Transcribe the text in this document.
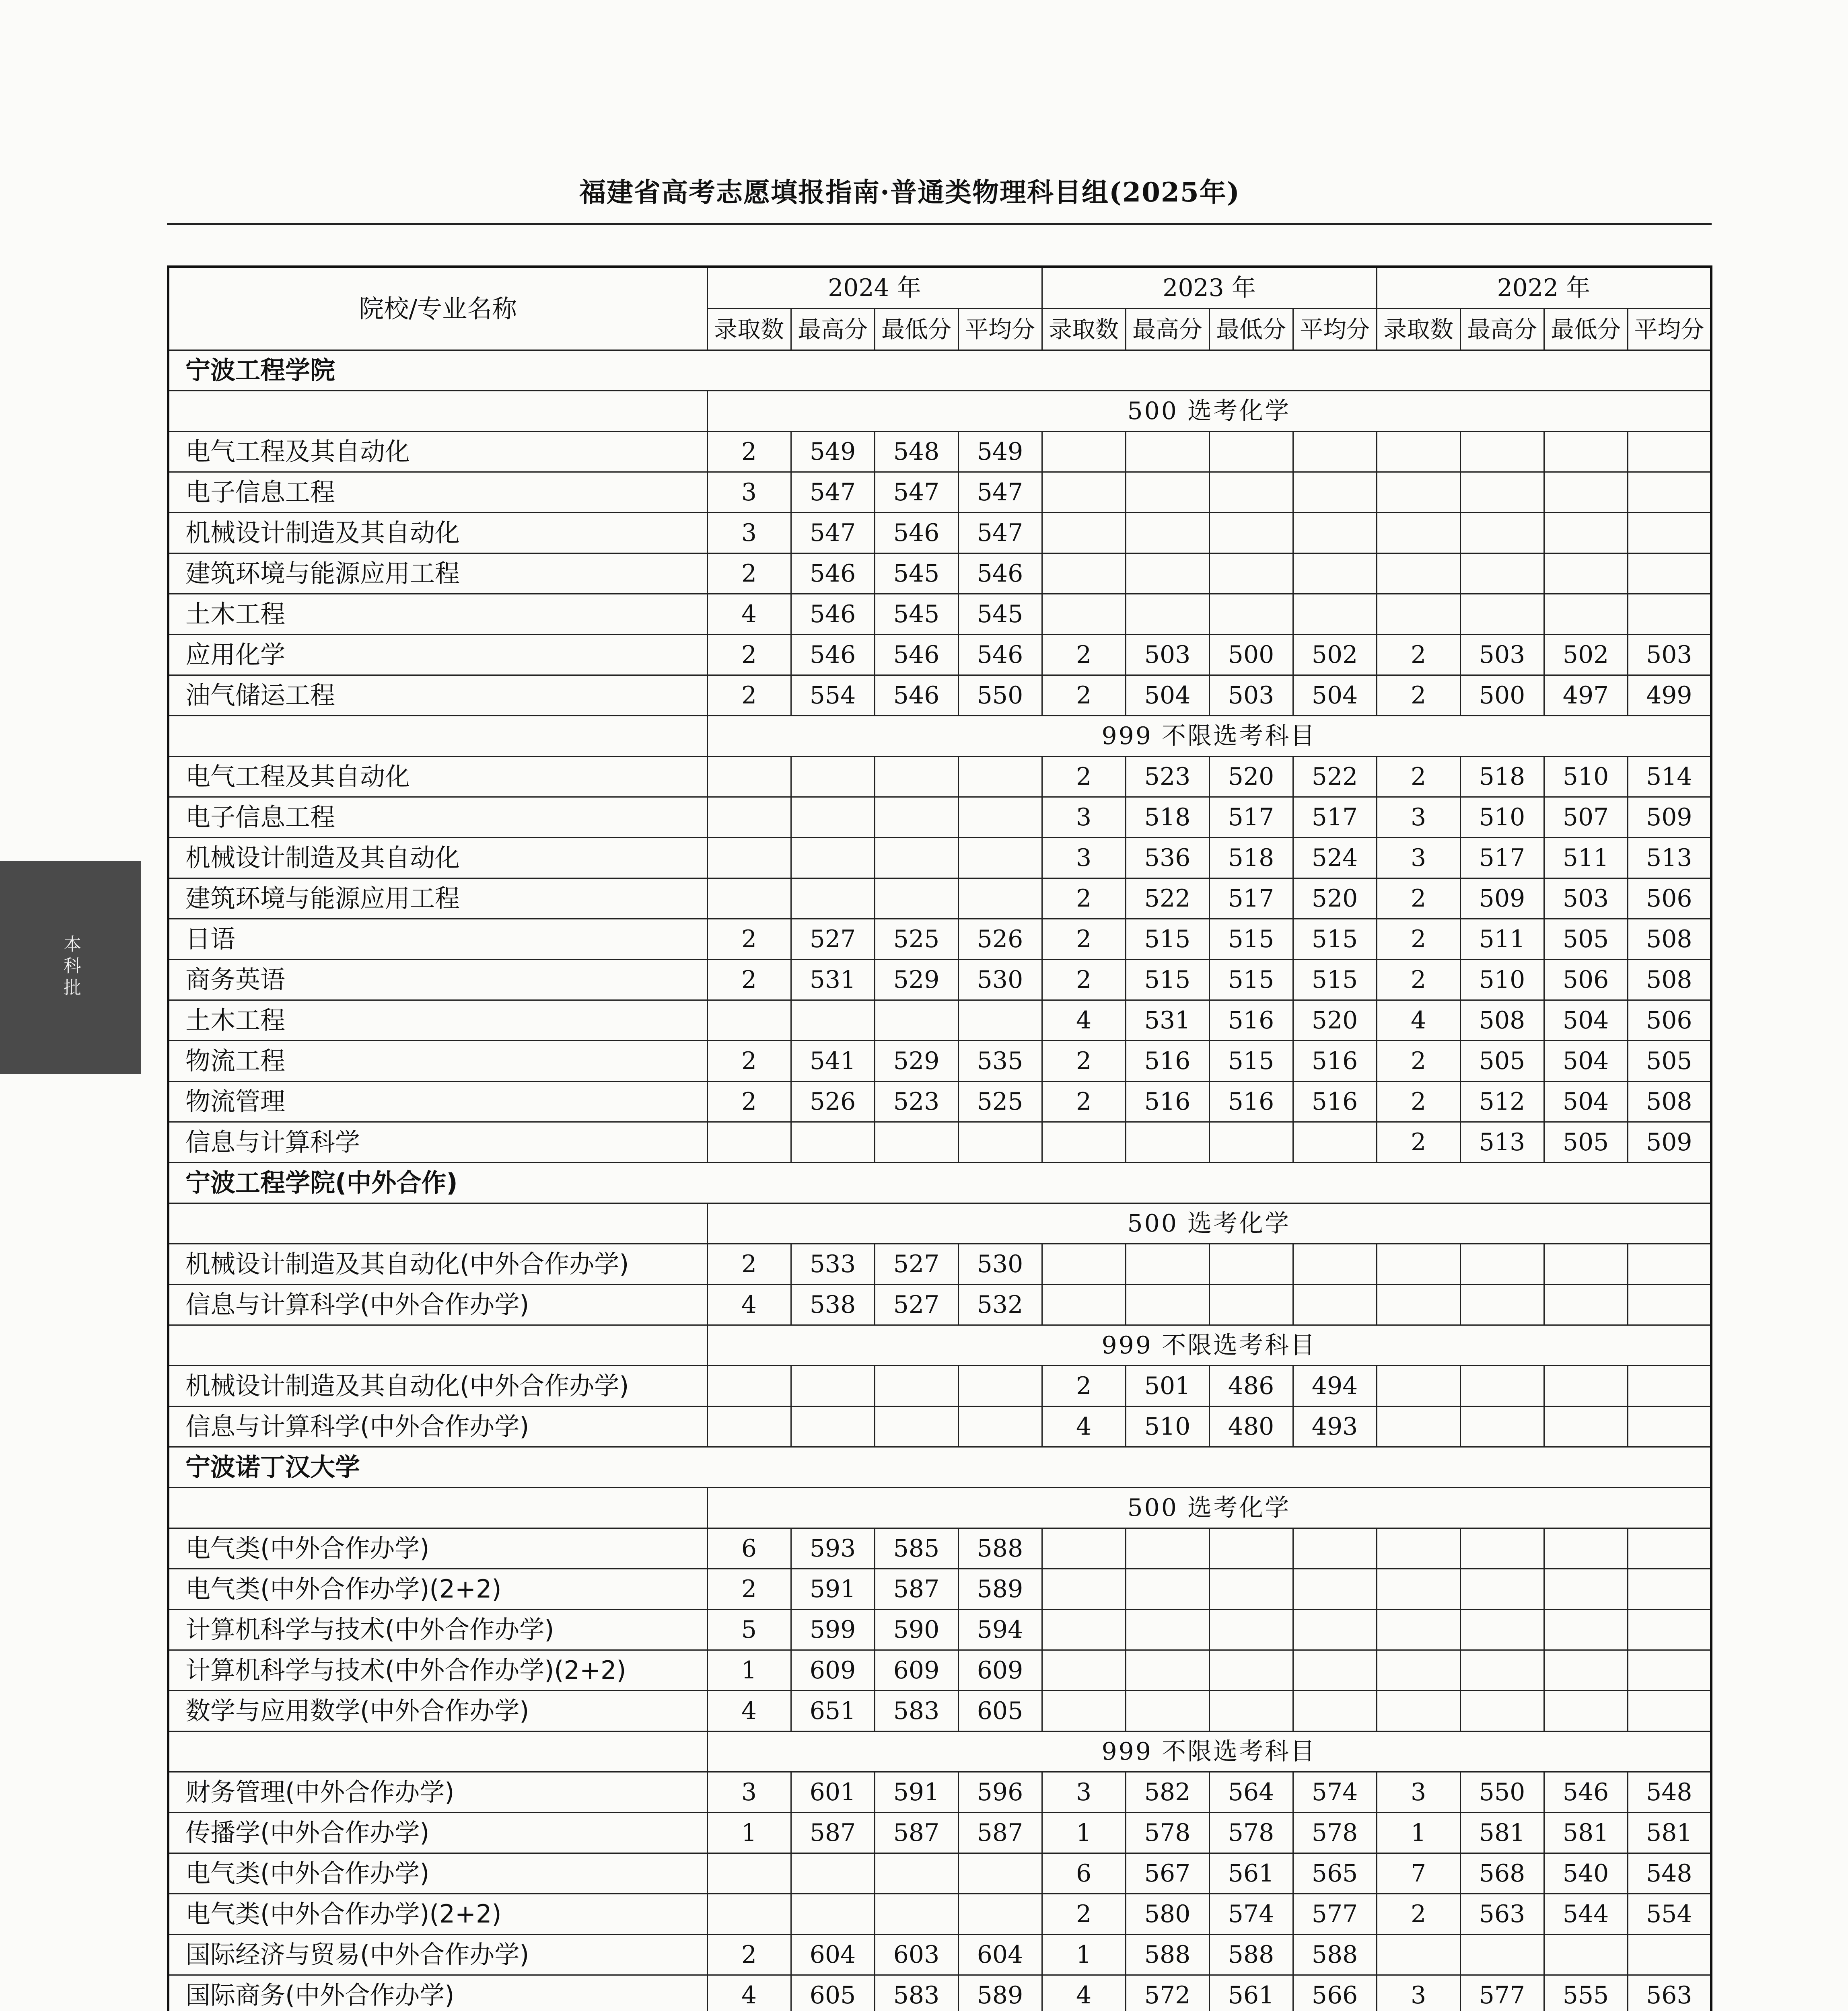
福建省高考志愿填报指南·普通类物理科目组(2025年)
本科批
院校/专业名称	2024 年				2023 年				2022 年			
	录取数	最高分	最低分	平均分	录取数	最高分	最低分	平均分	录取数	最高分	最低分	平均分
宁波工程学院												
	500 选考化学											
电气工程及其自动化	2	549	548	549								
电子信息工程	3	547	547	547								
机械设计制造及其自动化	3	547	546	547								
建筑环境与能源应用工程	2	546	545	546								
土木工程	4	546	545	545								
应用化学	2	546	546	546	2	503	500	502	2	503	502	503
油气储运工程	2	554	546	550	2	504	503	504	2	500	497	499
	999 不限选考科目											
电气工程及其自动化					2	523	520	522	2	518	510	514
电子信息工程					3	518	517	517	3	510	507	509
机械设计制造及其自动化					3	536	518	524	3	517	511	513
建筑环境与能源应用工程					2	522	517	520	2	509	503	506
日语	2	527	525	526	2	515	515	515	2	511	505	508
商务英语	2	531	529	530	2	515	515	515	2	510	506	508
土木工程					4	531	516	520	4	508	504	506
物流工程	2	541	529	535	2	516	515	516	2	505	504	505
物流管理	2	526	523	525	2	516	516	516	2	512	504	508
信息与计算科学									2	513	505	509
宁波工程学院(中外合作)												
	500 选考化学											
机械设计制造及其自动化(中外合作办学)	2	533	527	530								
信息与计算科学(中外合作办学)	4	538	527	532								
	999 不限选考科目											
机械设计制造及其自动化(中外合作办学)					2	501	486	494				
信息与计算科学(中外合作办学)					4	510	480	493				
宁波诺丁汉大学												
	500 选考化学											
电气类(中外合作办学)	6	593	585	588								
电气类(中外合作办学)(2+2)	2	591	587	589								
计算机科学与技术(中外合作办学)	5	599	590	594								
计算机科学与技术(中外合作办学)(2+2)	1	609	609	609								
数学与应用数学(中外合作办学)	4	651	583	605								
	999 不限选考科目											
财务管理(中外合作办学)	3	601	591	596	3	582	564	574	3	550	546	548
传播学(中外合作办学)	1	587	587	587	1	578	578	578	1	581	581	581
电气类(中外合作办学)					6	567	561	565	7	568	540	548
电气类(中外合作办学)(2+2)					2	580	574	577	2	563	544	554
国际经济与贸易(中外合作办学)	2	604	603	604	1	588	588	588				
国际商务(中外合作办学)	4	605	583	589	4	572	561	566	3	577	555	563
